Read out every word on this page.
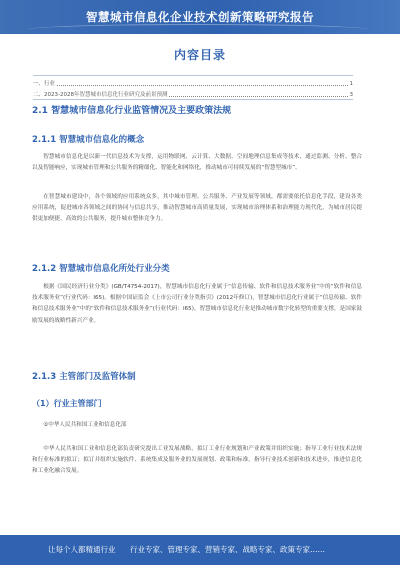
智慧城市信息化企业技术创新策略研究报告
内容目录
一、行业	1
二、2023-2028年智慧城市信息化行业研究及前景预测	3
2.1 智慧城市信息化行业监管情况及主要政策法规
2.1.1 智慧城市信息化的概念
智慧城市信息化是以新一代信息技术为支撑，运用物联网、云计算、大数据、空间地理信息集成等技术，通过监测、分析、整合以及智能响应，实现城市管理和公共服务的精细化、智能化和网络化，推动城市可持续发展的“智慧型城市”。
在智慧城市建设中，各个领域的应用系统众多，其中城市管理、公共服务、产业发展等领域，都需要依托信息化手段，建设各类应用系统，促进城市各领域之间的协同与信息共享，推动智慧城市高质量发展，实现城市治理体系和治理能力现代化，为城市居民提供更加便捷、高效的公共服务，提升城市整体竞争力。
2.1.2 智慧城市信息化所处行业分类
根据《国民经济行业分类》(GB/T4754-2017)，智慧城市信息化行业属于“信息传输、软件和信息技术服务业”中的“软件和信息技术服务业”(行业代码：I65)。根据中国证监会《上市公司行业分类指引》(2012年修订)，智慧城市信息化行业属于“信息传输、软件和信息技术服务业”中的“软件和信息技术服务业”(行业代码：I65)。智慧城市信息化行业是推动城市数字化转型的重要支撑，是国家鼓励发展的战略性新兴产业。
2.1.3 主管部门及监管体制
（1）行业主管部门
①中华人民共和国工业和信息化部
中华人民共和国工业和信息化部负责研究提出工业发展战略，拟订工业行业规划和产业政策并组织实施；指导工业行业技术法规和行业标准的拟订；拟订并组织实施软件、系统集成及服务业的发展规划、政策和标准，指导行业技术创新和技术进步，推进信息化和工业化融合发展。
让每个人都精通行业 行业专家、管理专家、营销专家、战略专家、政策专家……
